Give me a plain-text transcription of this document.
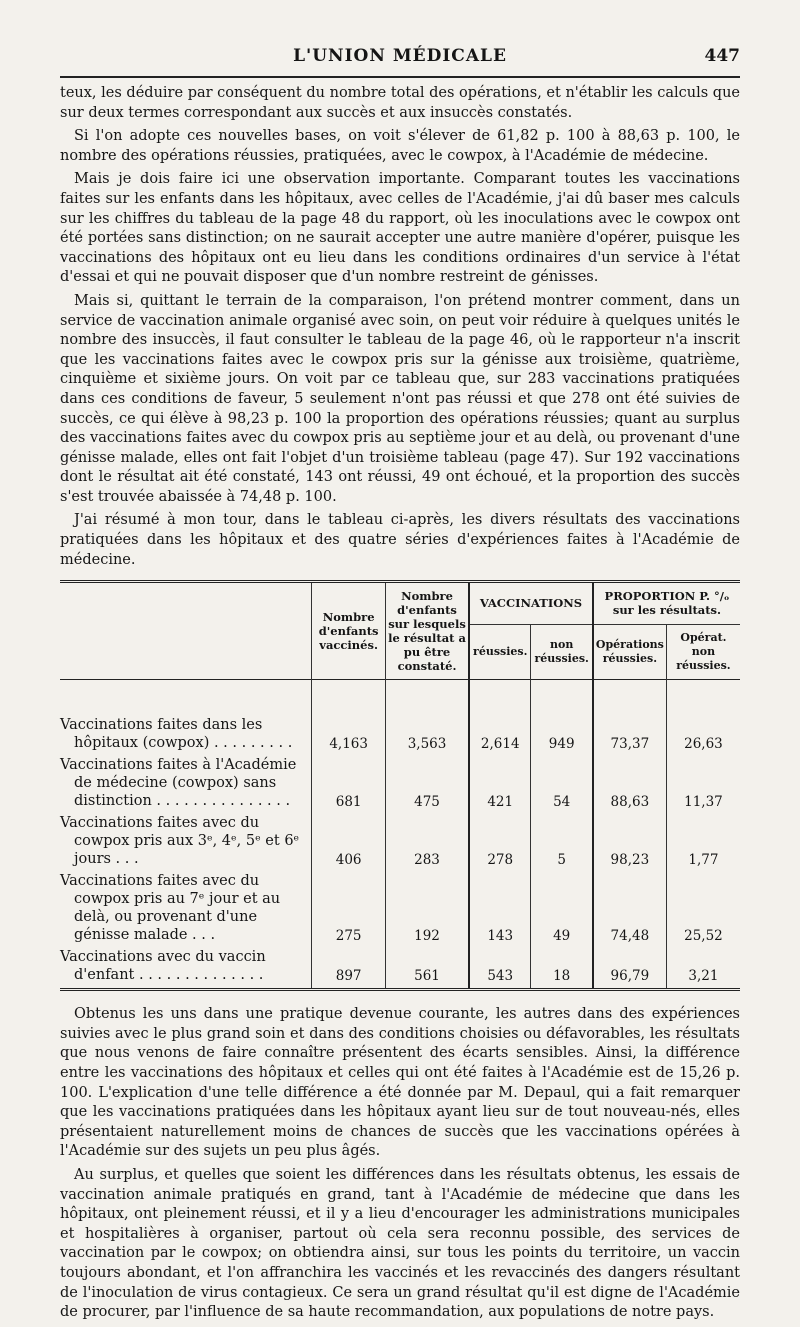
L'UNION MÉDICALE	447

teux, les déduire par conséquent du nombre total des opérations, et n'établir les calculs que sur deux termes correspondant aux succès et aux insuccès constatés.

Si l'on adopte ces nouvelles bases, on voit s'élever de 61,82 p. 100 à 88,63 p. 100, le nombre des opérations réussies, pratiquées, avec le cowpox, à l'Académie de médecine.

Mais je dois faire ici une observation importante. Comparant toutes les vaccinations faites sur les enfants dans les hôpitaux, avec celles de l'Académie, j'ai dû baser mes calculs sur les chiffres du tableau de la page 48 du rapport, où les inoculations avec le cowpox ont été portées sans distinction; on ne saurait accepter une autre manière d'opérer, puisque les vaccinations des hôpitaux ont eu lieu dans les conditions ordinaires d'un service à l'état d'essai et qui ne pouvait disposer que d'un nombre restreint de génisses.

Mais si, quittant le terrain de la comparaison, l'on prétend montrer comment, dans un service de vaccination animale organisé avec soin, on peut voir réduire à quelques unités le nombre des insuccès, il faut consulter le tableau de la page 46, où le rapporteur n'a inscrit que les vaccinations faites avec le cowpox pris sur la génisse aux troisième, quatrième, cinquième et sixième jours. On voit par ce tableau que, sur 283 vaccinations pratiquées dans ces conditions de faveur, 5 seulement n'ont pas réussi et que 278 ont été suivies de succès, ce qui élève à 98,23 p. 100 la proportion des opérations réussies; quant au surplus des vaccinations faites avec du cowpox pris au septième jour et au delà, ou provenant d'une génisse malade, elles ont fait l'objet d'un troisième tableau (page 47). Sur 192 vaccinations dont le résultat ait été constaté, 143 ont réussi, 49 ont échoué, et la proportion des succès s'est trouvée abaissée à 74,48 p. 100.

J'ai résumé à mon tour, dans le tableau ci-après, les divers résultats des vaccinations pratiquées dans les hôpitaux et des quatre séries d'expériences faites à l'Académie de médecine.

	Nombre d'enfants vaccinés.	Nombre d'enfants sur lesquels le résultat a pu être constaté.	VACCINATIONS		PROPORTION P. °/ₒ sur les résultats.	
			réussies.	non réussies.	Opérations réussies.	Opérat. non réussies.

Vaccinations faites dans les hôpitaux (cowpox) . . . . . . . . .	4,163	3,563	2,614	949	73,37	26,63

Vaccinations faites à l'Académie de médecine (cowpox) sans distinction . . . . . . . . . . . . . . .	681	475	421	54	88,63	11,37

Vaccinations faites avec du cowpox pris aux 3ᵉ, 4ᵉ, 5ᵉ et 6ᵉ jours . . .	406	283	278	5	98,23	1,77

Vaccinations faites avec du cowpox pris au 7ᵉ jour et au delà, ou provenant d'une génisse malade . . .	275	192	143	49	74,48	25,52

Vaccinations avec du vaccin d'enfant . . . . . . . . . . . . . .	897	561	543	18	96,79	3,21

Obtenus les uns dans une pratique devenue courante, les autres dans des expériences suivies avec le plus grand soin et dans des conditions choisies ou défavorables, les résultats que nous venons de faire connaître présentent des écarts sensibles. Ainsi, la différence entre les vaccinations des hôpitaux et celles qui ont été faites à l'Académie est de 15,26 p. 100. L'explication d'une telle différence a été donnée par M. Depaul, qui a fait remarquer que les vaccinations pratiquées dans les hôpitaux ayant lieu sur de tout nouveau-nés, elles présentaient naturellement moins de chances de succès que les vaccinations opérées à l'Académie sur des sujets un peu plus âgés.

Au surplus, et quelles que soient les différences dans les résultats obtenus, les essais de vaccination animale pratiqués en grand, tant à l'Académie de médecine que dans les hôpitaux, ont pleinement réussi, et il y a lieu d'encourager les administrations municipales et hospitalières à organiser, partout où cela sera reconnu possible, des services de vaccination par le cowpox; on obtiendra ainsi, sur tous les points du territoire, un vaccin toujours abondant, et l'on affranchira les vaccinés et les revaccinés des dangers résultant de l'inoculation de virus contagieux. Ce sera un grand résultat qu'il est digne de l'Académie de procurer, par l'influence de sa haute recommandation, aux populations de notre pays.
